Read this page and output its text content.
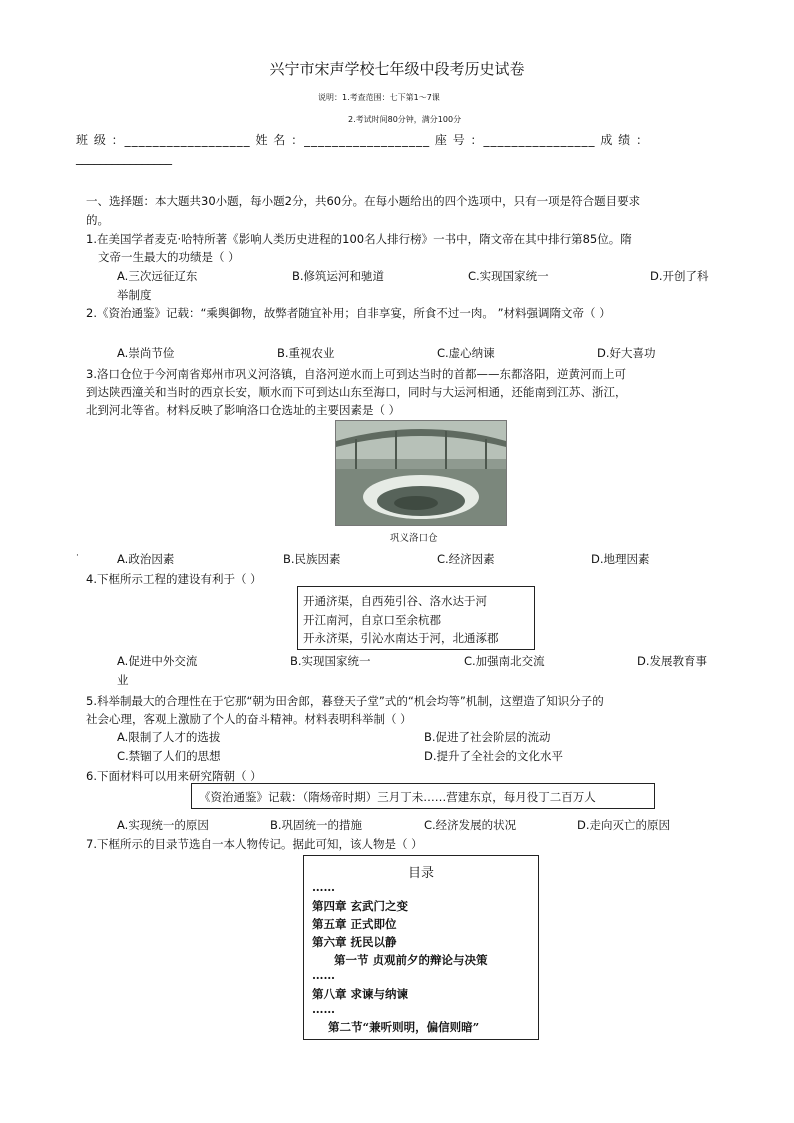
兴宁市宋声学校七年级中段考历史试卷
说明：1.考查范围：七下第1～7课
2.考试时间80分钟，满分100分
班 级 ：__________________ 姓 名 ：__________________ 座 号 ：________________ 成 绩 ：
________________
一、选择题：本大题共30小题，每小题2分，共60分。在每小题给出的四个选项中，只有一项是符合题目要求
的。
1.在美国学者麦克·哈特所著《影响人类历史进程的100名人排行榜》一书中，隋文帝在其中排行第85位。隋
文帝一生最大的功绩是（ ）
A.三次远征辽东	B.修筑运河和驰道	C.实现国家统一	D.开创了科
举制度
2.《资治通鉴》记载：“乘舆御物，故弊者随宜补用；自非享宴，所食不过一肉。 ”材料强调隋文帝（ ）
A.崇尚节俭	B.重视农业	C.虚心纳谏	D.好大喜功
3.洛口仓位于今河南省郑州市巩义河洛镇，自洛河逆水而上可到达当时的首都——东都洛阳，逆黄河而上可
到达陕西潼关和当时的西京长安，顺水而下可到达山东至海口，同时与大运河相通，还能南到江苏、浙江，
北到河北等省。材料反映了影响洛口仓选址的主要因素是（ ）
巩义洛口仓
·	A.政治因素	B.民族因素	C.经济因素	D.地理因素
4.下框所示工程的建设有利于（ ）
开通济渠，自西苑引谷、洛水达于河
开江南河，自京口至余杭郡
开永济渠，引沁水南达于河，北通涿郡
A.促进中外交流	B.实现国家统一	C.加强南北交流	D.发展教育事
业
5.科举制最大的合理性在于它那“朝为田舍郎，暮登天子堂”式的“机会均等”机制，这塑造了知识分子的
社会心理，客观上激励了个人的奋斗精神。材料表明科举制（ ）
A.限制了人才的选拔	B.促进了社会阶层的流动
C.禁锢了人们的思想	D.提升了全社会的文化水平
6.下面材料可以用来研究隋朝（ ）
《资治通鉴》记载：（隋炀帝时期）三月丁未……营建东京，每月役丁二百万人
A.实现统一的原因	B.巩固统一的措施	C.经济发展的状况	D.走向灭亡的原因
7.下框所示的目录节选自一本人物传记。据此可知，该人物是（ ）
目录
……
第四章 玄武门之变
第五章 正式即位
第六章 抚民以静
第一节 贞观前夕的辩论与决策
……
第八章 求谏与纳谏
……
第二节“兼听则明，偏信则暗”
